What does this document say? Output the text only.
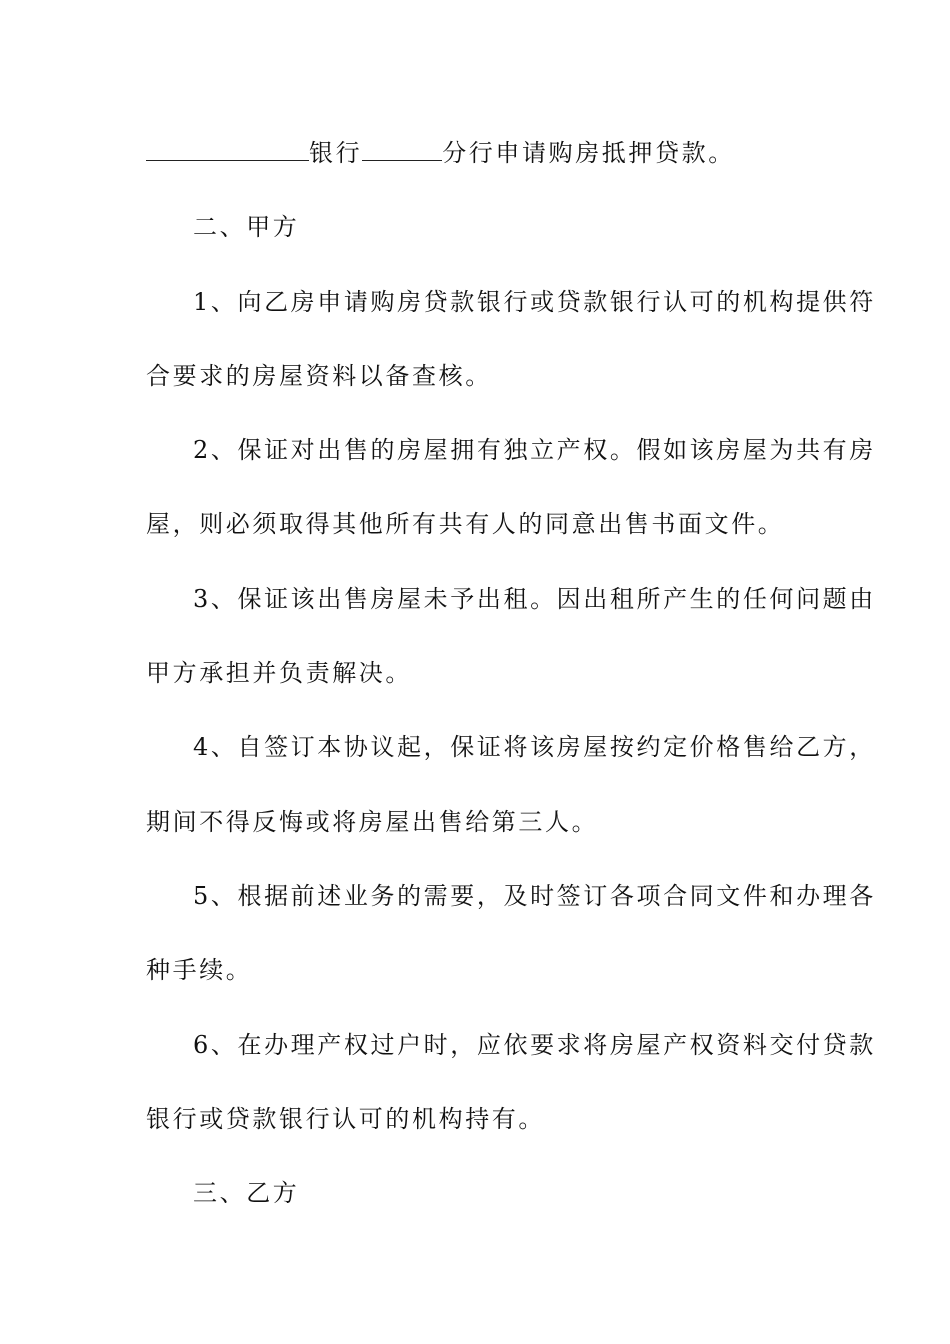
银行	分行申请购房抵押贷款。
二、甲方
1、向乙房申请购房贷款银行或贷款银行认可的机构提供符
合要求的房屋资料以备查核。
2、保证对出售的房屋拥有独立产权。假如该房屋为共有房
屋，则必须取得其他所有共有人的同意出售书面文件。
3、保证该出售房屋未予出租。因出租所产生的任何问题由
甲方承担并负责解决。
4、自签订本协议起，保证将该房屋按约定价格售给乙方，
期间不得反悔或将房屋出售给第三人。
5、根据前述业务的需要，及时签订各项合同文件和办理各
种手续。
6、在办理产权过户时，应依要求将房屋产权资料交付贷款
银行或贷款银行认可的机构持有。
三、乙方
